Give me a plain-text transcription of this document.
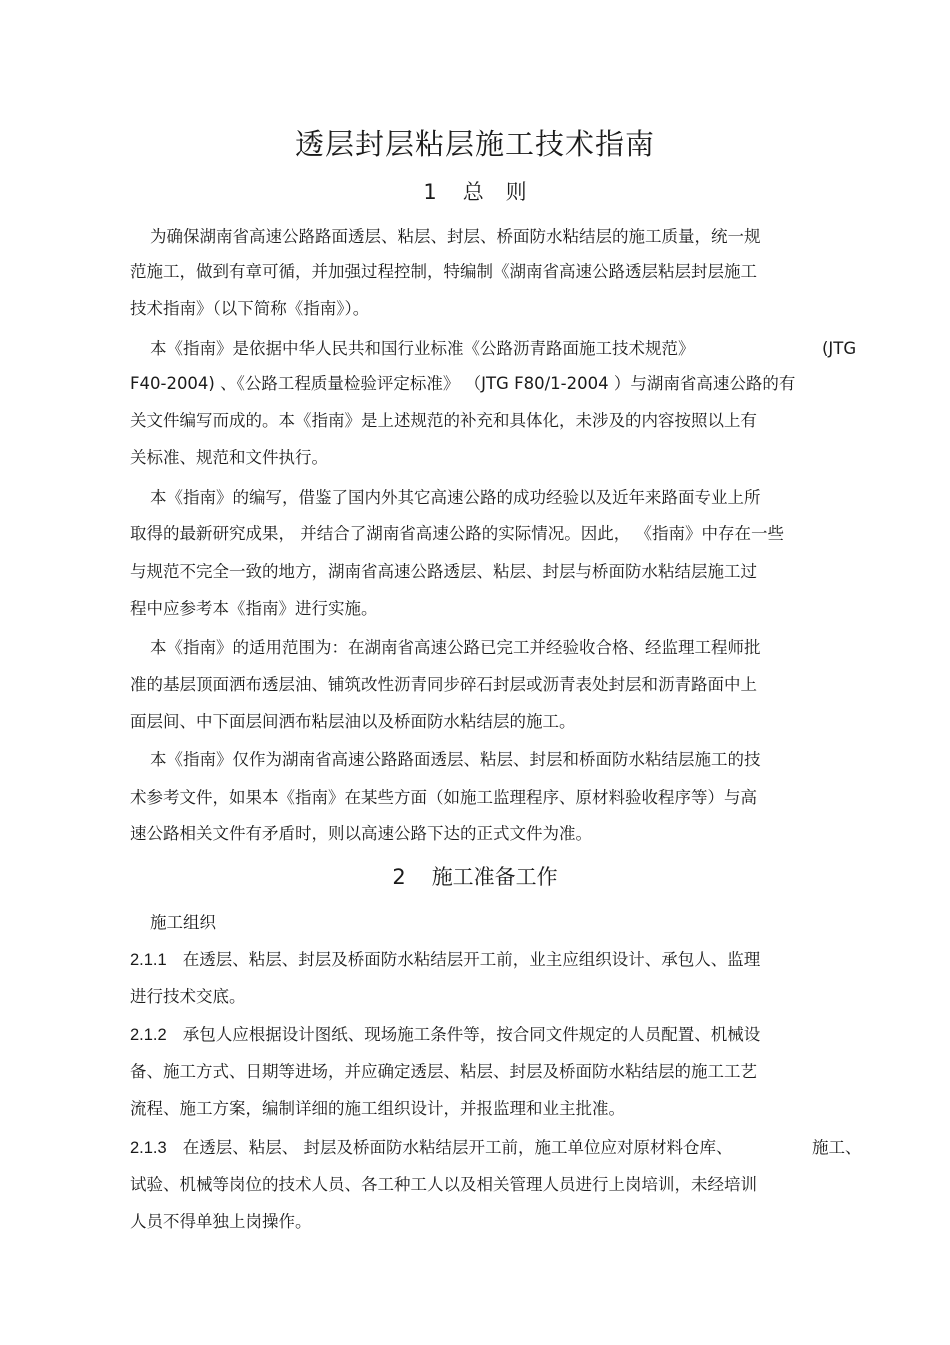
透层封层粘层施工技术指南
1 总则

为确保湖南省高速公路路面透层、粘层、封层、桥面防水粘结层的施工质量，统一规

范施工，做到有章可循，并加强过程控制，特编制《湖南省高速公路透层粘层封层施工

技术指南》（以下简称《指南》）。

本《指南》是依据中华人民共和国行业标准《公路沥青路面施工技术规范》	(JTG

F40-2004) 、《公路工程质量检验评定标准》 （JTG F80/1-2004 ）与湖南省高速公路的有

关文件编写而成的。本《指南》是上述规范的补充和具体化，未涉及的内容按照以上有

关标准、规范和文件执行。

本《指南》的编写，借鉴了国内外其它高速公路的成功经验以及近年来路面专业上所

取得的最新研究成果， 并结合了湖南省高速公路的实际情况。因此， 《指南》中存在一些

与规范不完全一致的地方，湖南省高速公路透层、粘层、封层与桥面防水粘结层施工过

程中应参考本《指南》进行实施。

本《指南》的适用范围为：在湖南省高速公路已完工并经验收合格、经监理工程师批

准的基层顶面洒布透层油、铺筑改性沥青同步碎石封层或沥青表处封层和沥青路面中上

面层间、中下面层间洒布粘层油以及桥面防水粘结层的施工。

本《指南》仅作为湖南省高速公路路面透层、粘层、封层和桥面防水粘结层施工的技

术参考文件，如果本《指南》在某些方面（如施工监理程序、原材料验收程序等）与高

速公路相关文件有矛盾时，则以高速公路下达的正式文件为准。

2 施工准备工作

施工组织

2.1.1 在透层、粘层、封层及桥面防水粘结层开工前，业主应组织设计、承包人、监理

进行技术交底。

2.1.2 承包人应根据设计图纸、现场施工条件等，按合同文件规定的人员配置、机械设

备、施工方式、日期等进场，并应确定透层、粘层、封层及桥面防水粘结层的施工工艺

流程、施工方案，编制详细的施工组织设计，并报监理和业主批准。

2.1.3 在透层、粘层、 封层及桥面防水粘结层开工前，施工单位应对原材料仓库、	施工、

试验、机械等岗位的技术人员、各工种工人以及相关管理人员进行上岗培训，未经培训

人员不得单独上岗操作。
